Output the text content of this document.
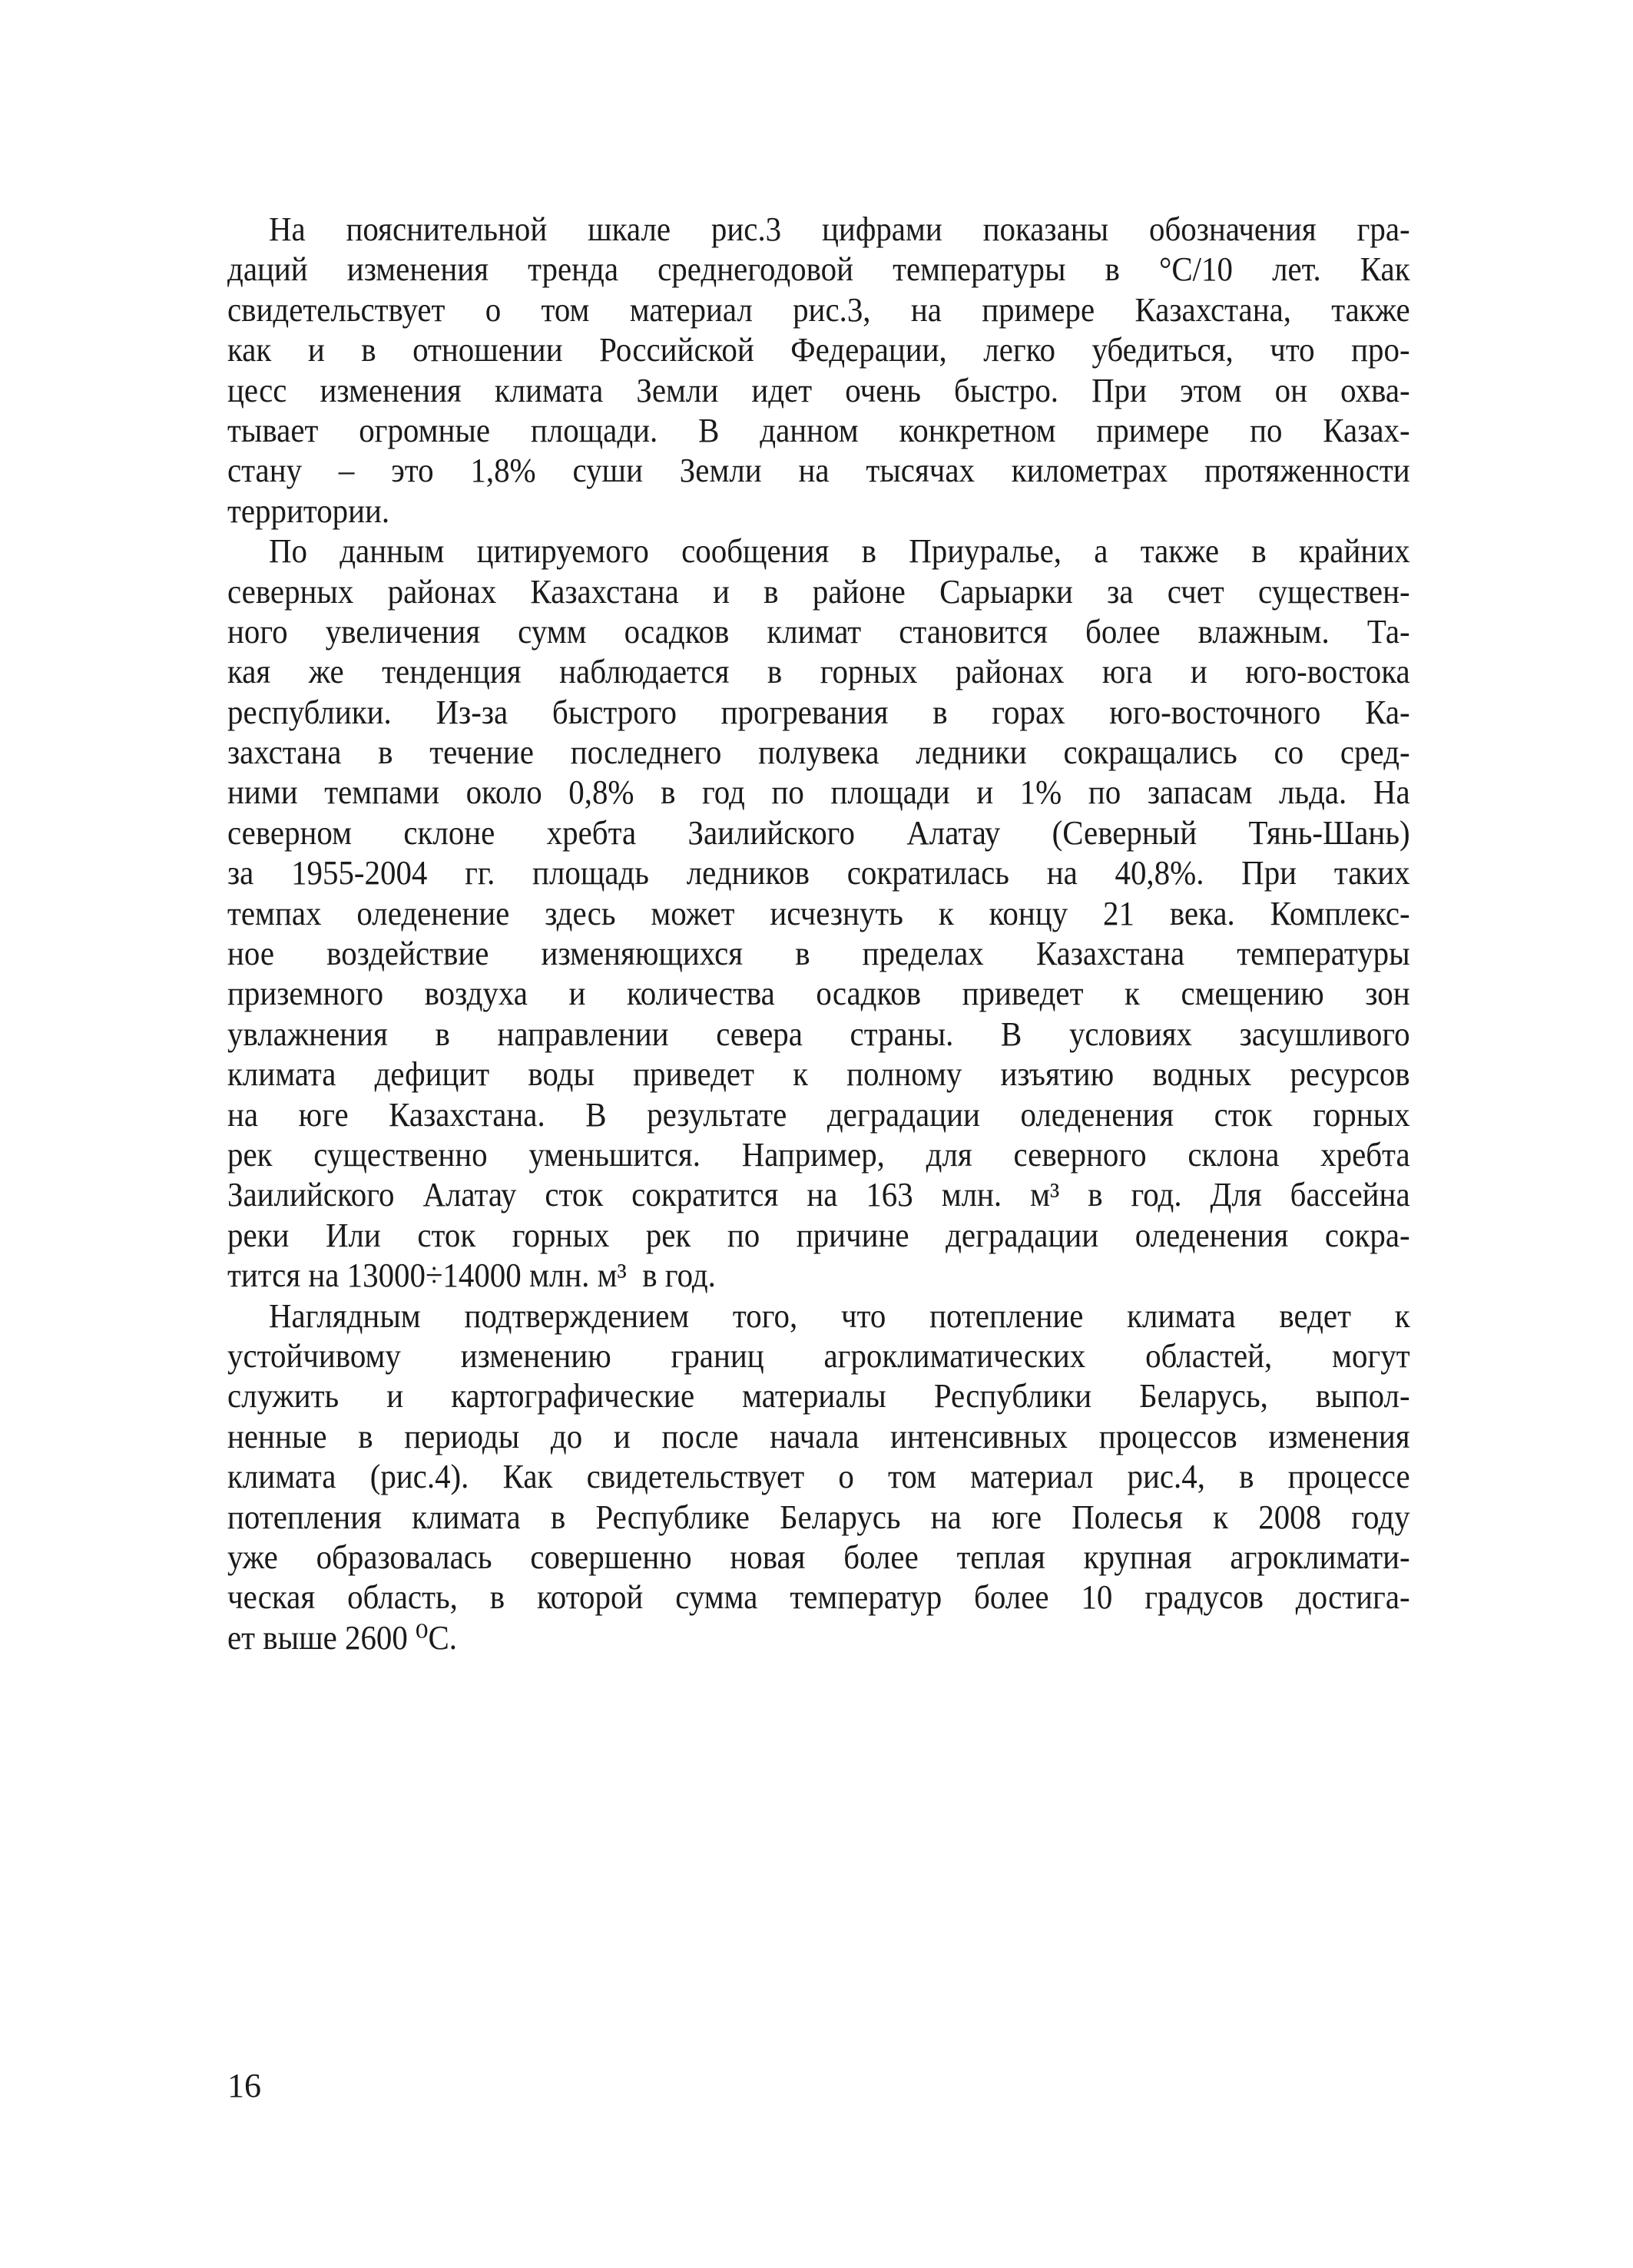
На пояснительной шкале рис.3 цифрами показаны обозначения гра-
даций изменения тренда среднегодовой температуры в °С/10 лет. Как
свидетельствует о том материал рис.3, на примере Казахстана, также
как и в отношении Российской Федерации, легко убедиться, что про-
цесс изменения климата Земли идет очень быстро. При этом он охва-
тывает огромные площади. В данном конкретном примере по Казах-
стану – это 1,8% суши Земли на тысячах километрах протяженности
территории.
По данным цитируемого сообщения в Приуралье, а также в крайних
северных районах Казахстана и в районе Сарыарки за счет существен-
ного увеличения сумм осадков климат становится более влажным. Та-
кая же тенденция наблюдается в горных районах юга и юго-востока
республики. Из-за быстрого прогревания в горах юго-восточного Ка-
захстана в течение последнего полувека ледники сокращались со сред-
ними темпами около 0,8% в год по площади и 1% по запасам льда. На
северном склоне хребта Заилийского Алатау (Северный Тянь-Шань)
за 1955-2004 гг. площадь ледников сократилась на 40,8%. При таких
темпах оледенение здесь может исчезнуть к концу 21 века. Комплекс-
ное воздействие изменяющихся в пределах Казахстана температуры
приземного воздуха и количества осадков приведет к смещению зон
увлажнения в направлении севера страны. В условиях засушливого
климата дефицит воды приведет к полному изъятию водных ресурсов
на юге Казахстана. В результате деградации оледенения сток горных
рек существенно уменьшится. Например, для северного склона хребта
Заилийского Алатау сток сократится на 163 млн. м³ в год. Для бассейна
реки Или сток горных рек по причине деградации оледенения сокра-
тится на 13000÷14000 млн. м³  в год.
Наглядным подтверждением того, что потепление климата ведет к
устойчивому изменению границ агроклиматических областей, могут
служить и картографические материалы Республики Беларусь, выпол-
ненные в периоды до и после начала интенсивных процессов изменения
климата (рис.4). Как свидетельствует о том материал рис.4, в процессе
потепления климата в Республике Беларусь на юге Полесья к 2008 году
уже образовалась совершенно новая более теплая крупная агроклимати-
ческая область, в которой сумма температур более 10 градусов достига-
ет выше 2600 ⁰С.
16
